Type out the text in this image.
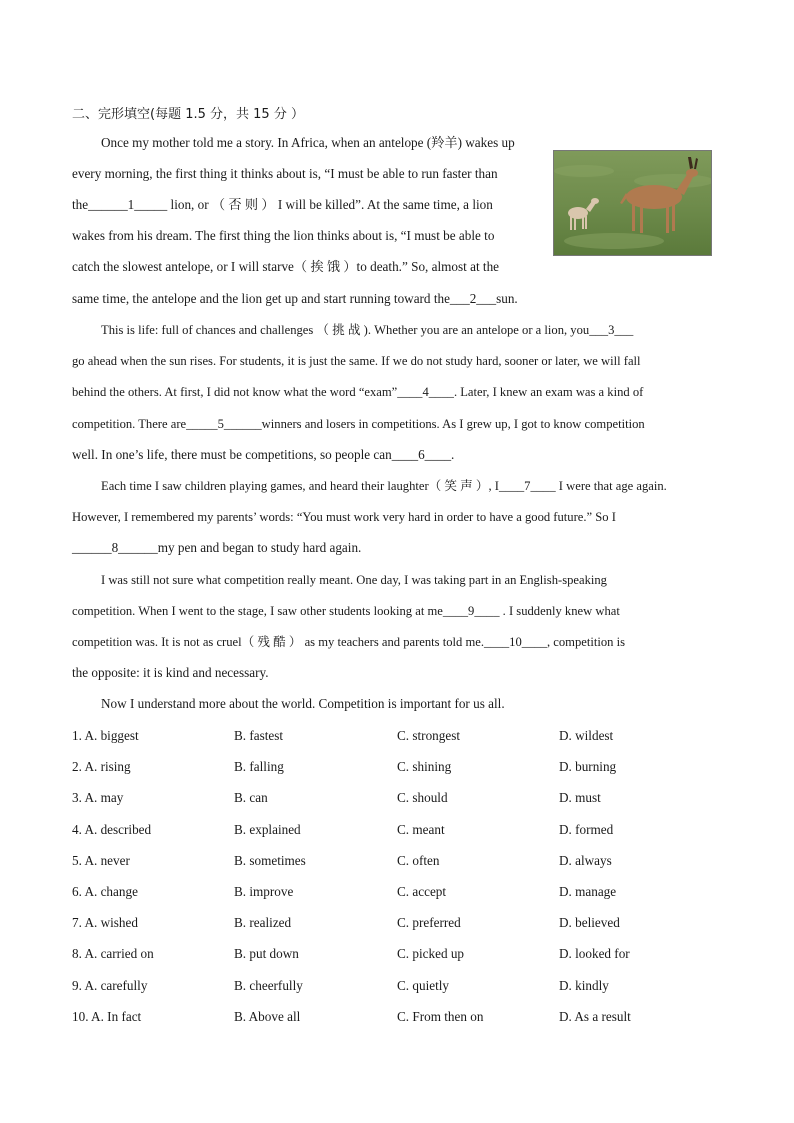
二、完形填空(每题 1.5 分，共 15 分 ）
Once my mother told me a story. In Africa, when an antelope (羚羊) wakes up
every morning, the first thing it thinks about is, “I must be able to run faster than
the______1_____ lion, or （ 否 则 ） I will be killed”. At the same time, a lion
wakes from his dream. The first thing the lion thinks about is, “I must be able to
catch the slowest antelope, or I will starve（ 挨 饿 ）to death.” So, almost at the
same time, the antelope and the lion get up and start running toward the___2___sun.
This is life: full of chances and challenges （ 挑 战 ). Whether you are an antelope or a lion, you___3___
go ahead when the sun rises. For students, it is just the same. If we do not study hard, sooner or later, we will fall
behind the others. At first, I did not know what the word “exam”____4____. Later, I knew an exam was a kind of
competition. There are_____5______winners and losers in competitions. As I grew up, I got to know competition
well. In one’s life, there must be competitions, so people can____6____.
Each time I saw children playing games, and heard their laughter（ 笑 声 ）, I____7____ I were that age again.
However, I remembered my parents’ words: “You must work very hard in order to have a good future.” So I
______8______my pen and began to study hard again.
I was still not sure what competition really meant. One day, I was taking part in an English-speaking
competition. When I went to the stage, I saw other students looking at me____9____ . I suddenly knew what
competition was. It is not as cruel（ 残 酷 ） as my teachers and parents told me.____10____, competition is
the opposite: it is kind and necessary.
Now I understand more about the world. Competition is important for us all.
1. A. biggest	B. fastest	C. strongest	D. wildest
2. A. rising	B. falling	C. shining	D. burning
3. A. may	B. can	C. should	D. must
4. A. described	B. explained	C. meant	D. formed
5. A. never	B. sometimes	C. often	D. always
6. A. change	B. improve	C. accept	D. manage
7. A. wished	B. realized	C. preferred	D. believed
8. A. carried on	B. put down	C. picked up	D. looked for
9. A. carefully	B. cheerfully	C. quietly	D. kindly
10. A. In fact	B. Above all	C. From then on	D. As a result
